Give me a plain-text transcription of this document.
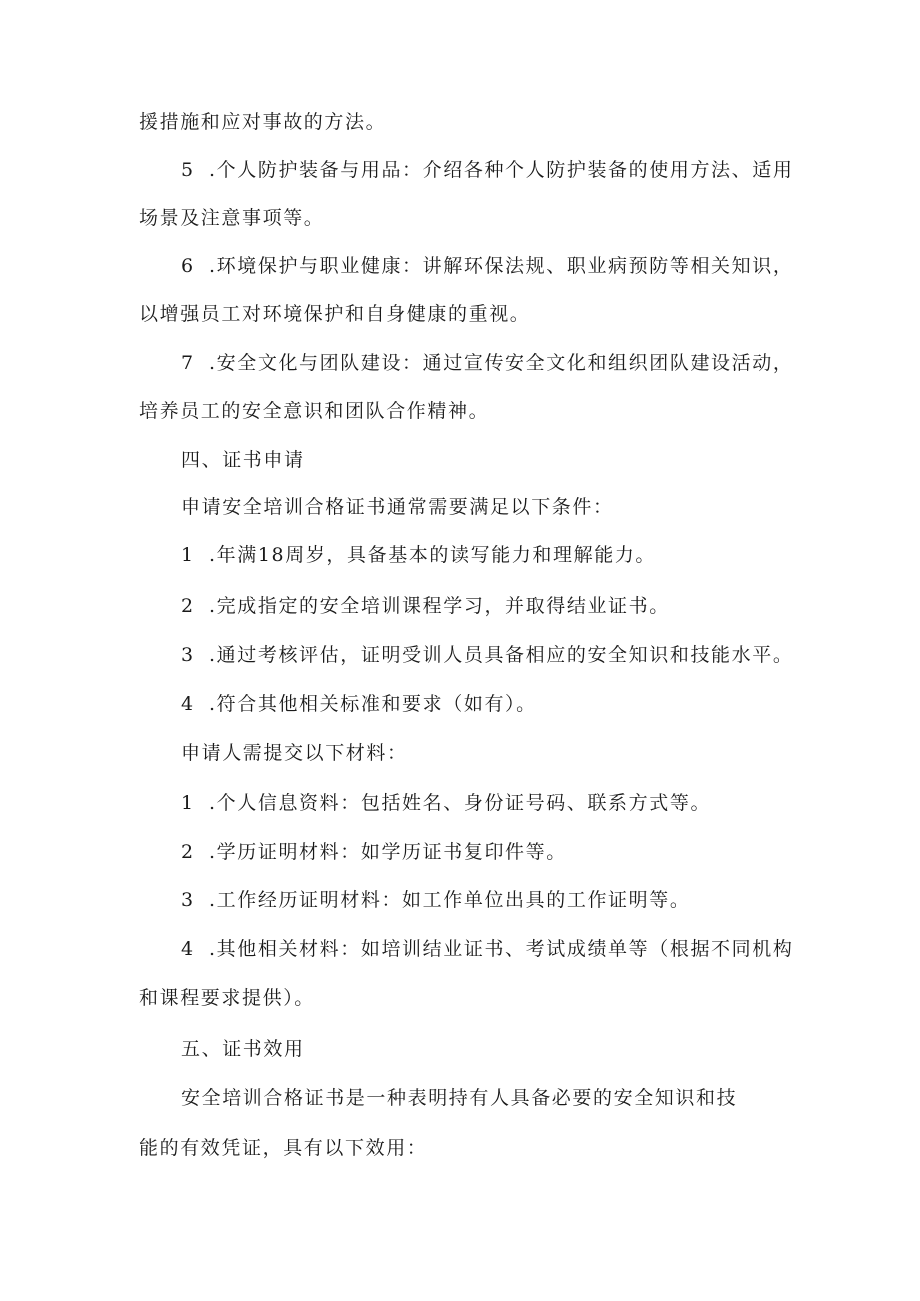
援措施和应对事故的方法。
5 .个人防护装备与用品：介绍各种个人防护装备的使用方法、适用
场景及注意事项等。
6 .环境保护与职业健康：讲解环保法规、职业病预防等相关知识，
以增强员工对环境保护和自身健康的重视。
7 .安全文化与团队建设：通过宣传安全文化和组织团队建设活动，
培养员工的安全意识和团队合作精神。
四、证书申请
申请安全培训合格证书通常需要满足以下条件：
1 .年满18周岁，具备基本的读写能力和理解能力。
2 .完成指定的安全培训课程学习，并取得结业证书。
3 .通过考核评估，证明受训人员具备相应的安全知识和技能水平。
4 .符合其他相关标准和要求（如有）。
申请人需提交以下材料：
1 .个人信息资料：包括姓名、身份证号码、联系方式等。
2 .学历证明材料：如学历证书复印件等。
3 .工作经历证明材料：如工作单位出具的工作证明等。
4 .其他相关材料：如培训结业证书、考试成绩单等（根据不同机构
和课程要求提供）。
五、证书效用
安全培训合格证书是一种表明持有人具备必要的安全知识和技
能的有效凭证，具有以下效用：
